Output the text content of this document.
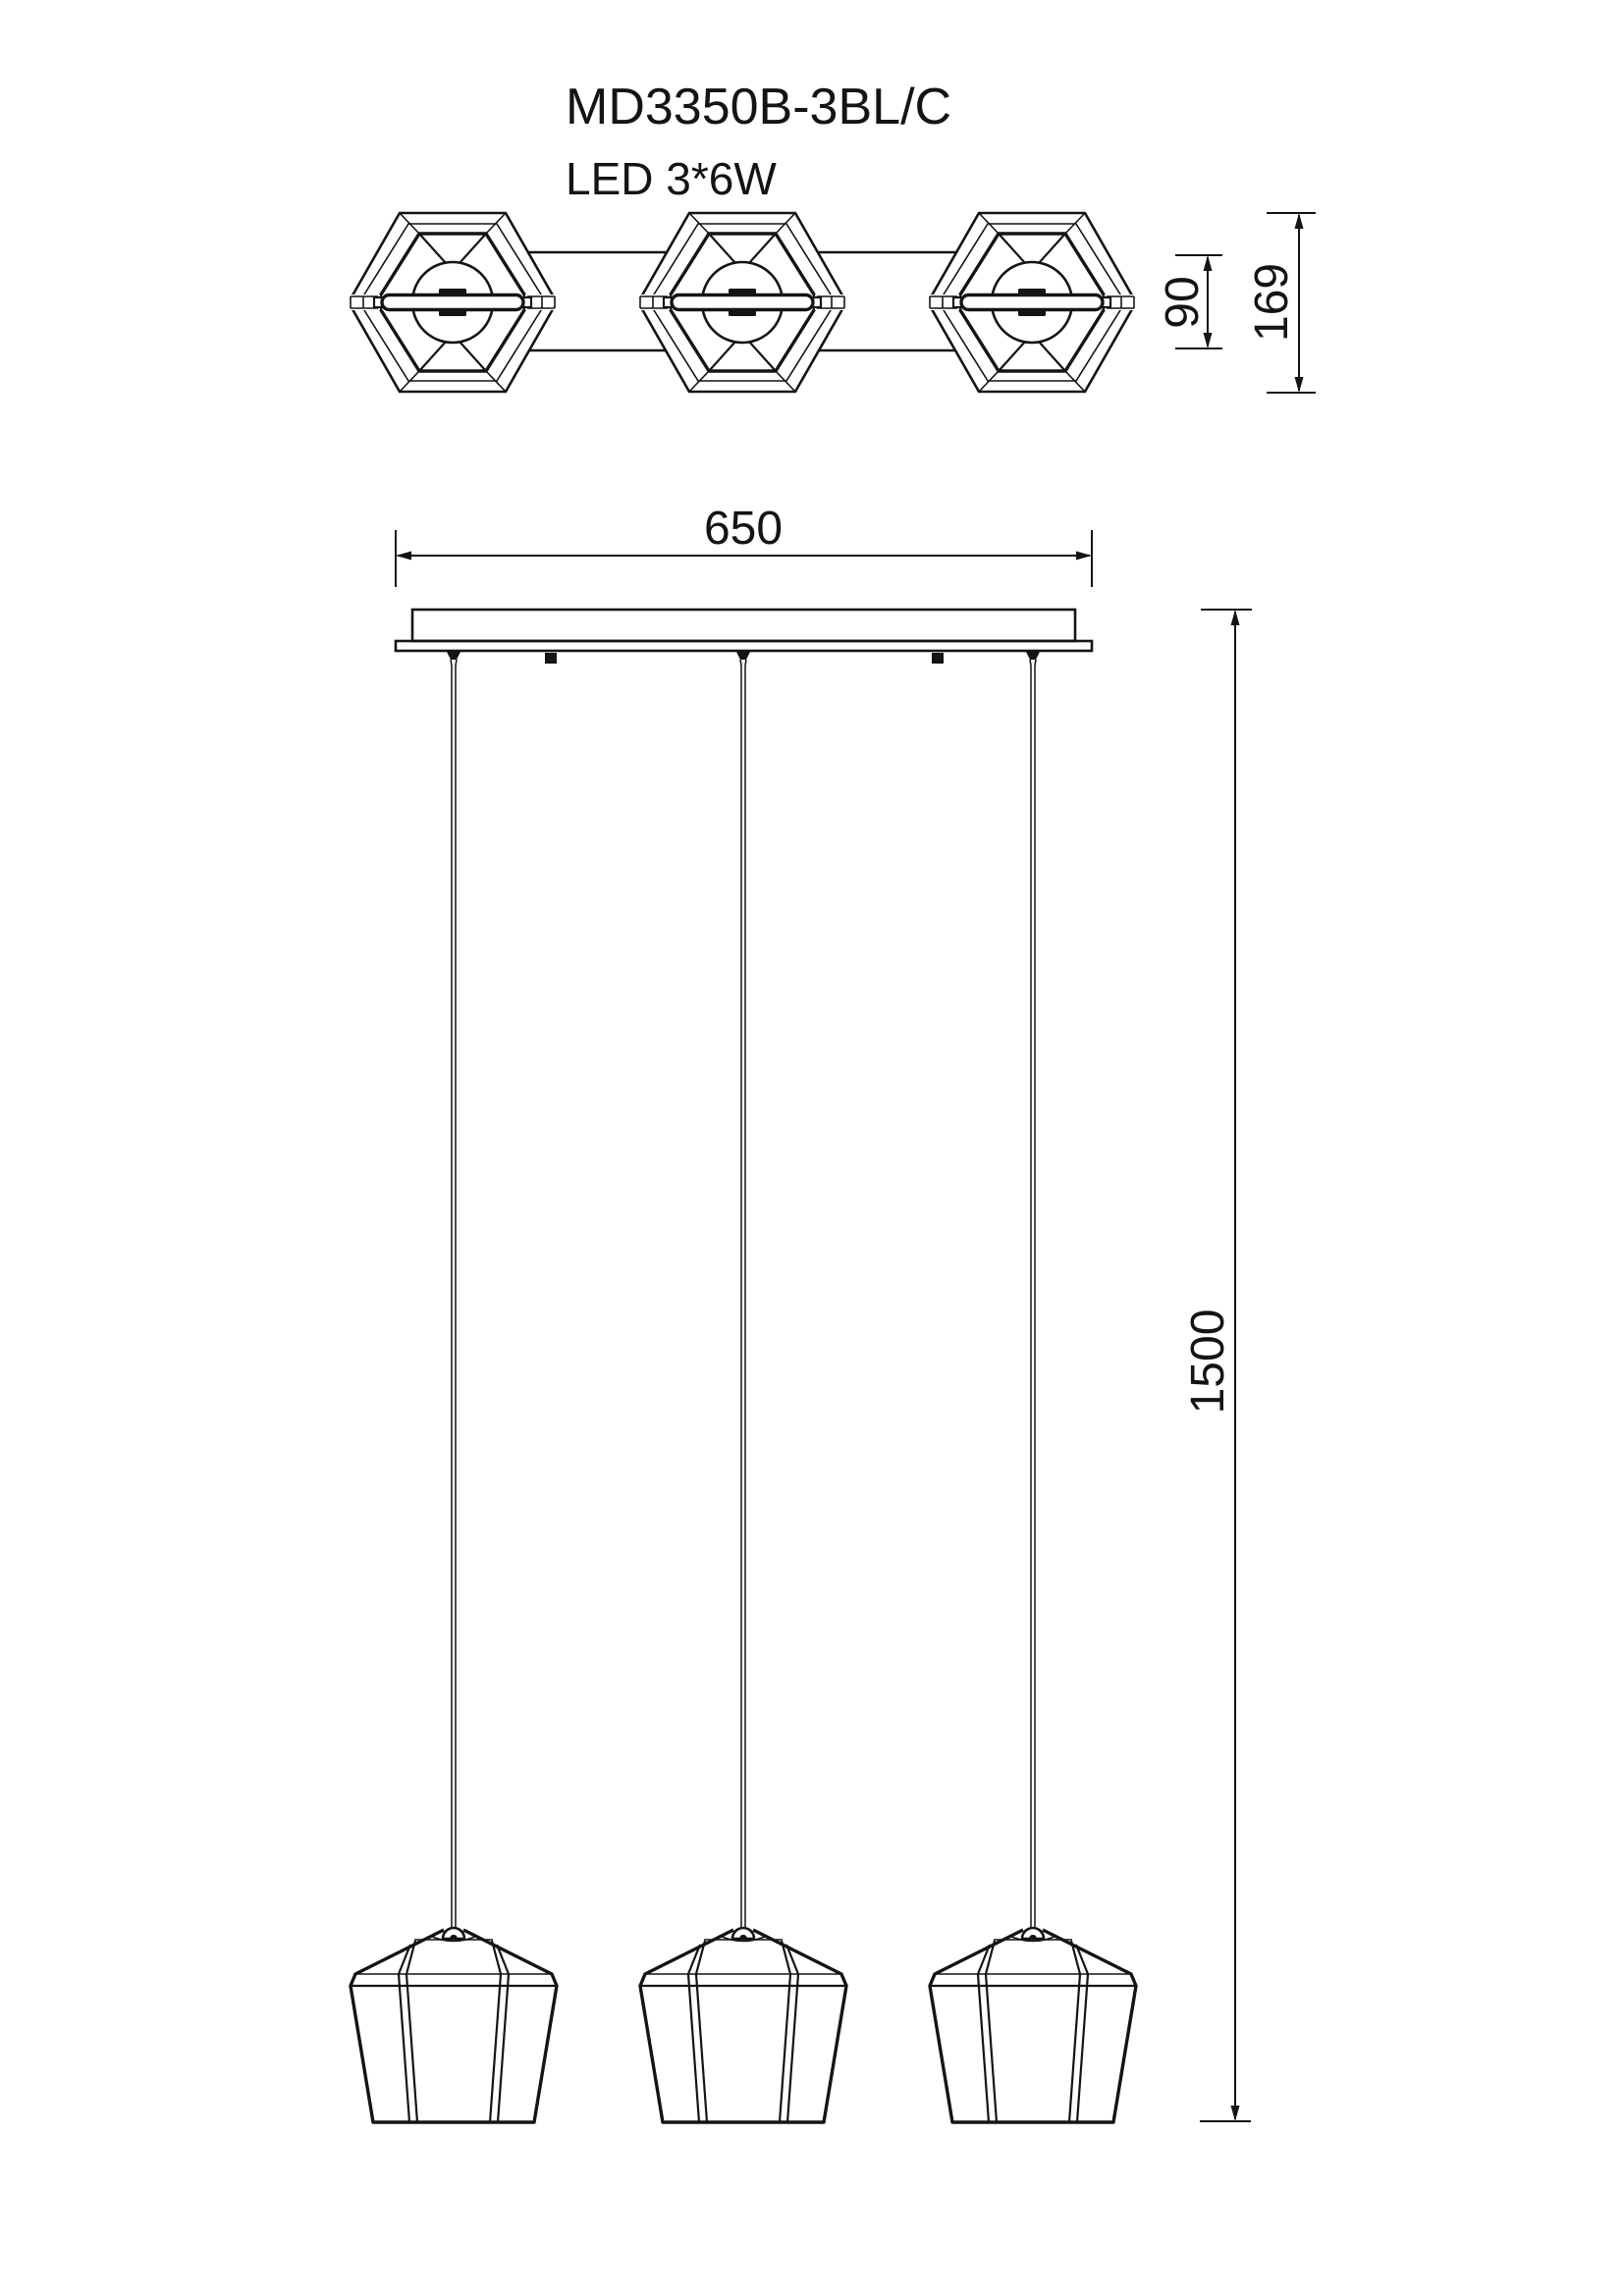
MD3350B-3BL/C
LED 3*6W
90 169
650
1500
